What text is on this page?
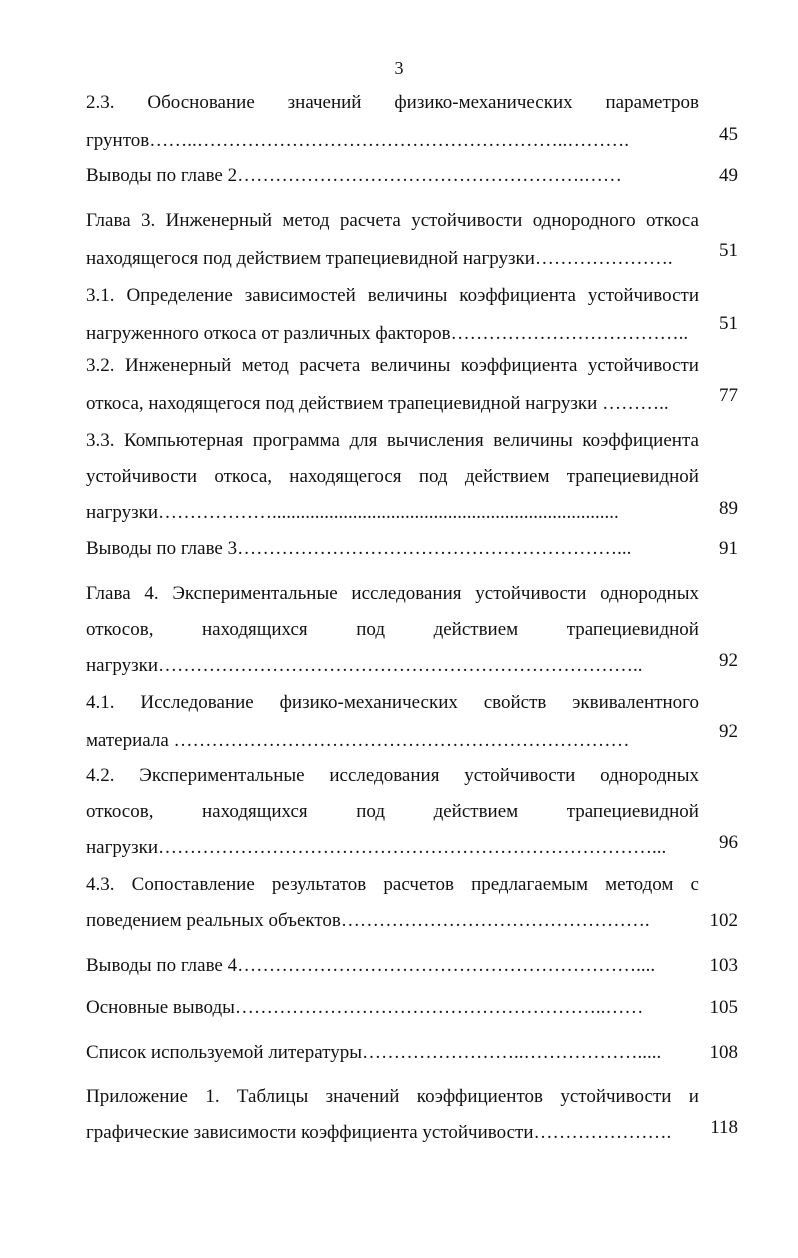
3
2.3. Обоснование значений физико-механических параметров
грунтов……..…………………………………………………..……….	45
Выводы по главе 2……………………………………………….……	49
Глава 3. Инженерный метод расчета устойчивости однородного откоса
находящегося под действием трапециевидной нагрузки………………….	51
3.1. Определение зависимостей величины коэффициента устойчивости
нагруженного откоса от различных факторов………………………………..	51
3.2. Инженерный метод расчета величины коэффициента устойчивости
откоса, находящегося под действием трапециевидной нагрузки ………..	77
3.3. Компьютерная программа для вычисления величины коэффициента
устойчивости откоса, находящегося под действием трапециевидной
нагрузки……………….........................................................................	89
Выводы по главе 3……………………………………………………...	91
Глава 4. Экспериментальные исследования устойчивости однородных
откосов,	находящихся	под	действием	трапециевидной
нагрузки…………………………………………………………………..	92
4.1. Исследование физико-механических свойств эквивалентного
материала ………………………………………………………………	92
4.2. Экспериментальные исследования устойчивости однородных
откосов,	находящихся	под	действием	трапециевидной
нагрузки……………………………………………………………………...	96
4.3. Сопоставление результатов расчетов предлагаемым методом с
поведением реальных объектов………………………………………….	102
Выводы по главе 4………………………………………………………....	103
Основные выводы…………………………………………………..……	105
Список используемой литературы……………………..……………….....	108
Приложение 1. Таблицы значений коэффициентов устойчивости и
графические зависимости коэффициента устойчивости………………….	118
